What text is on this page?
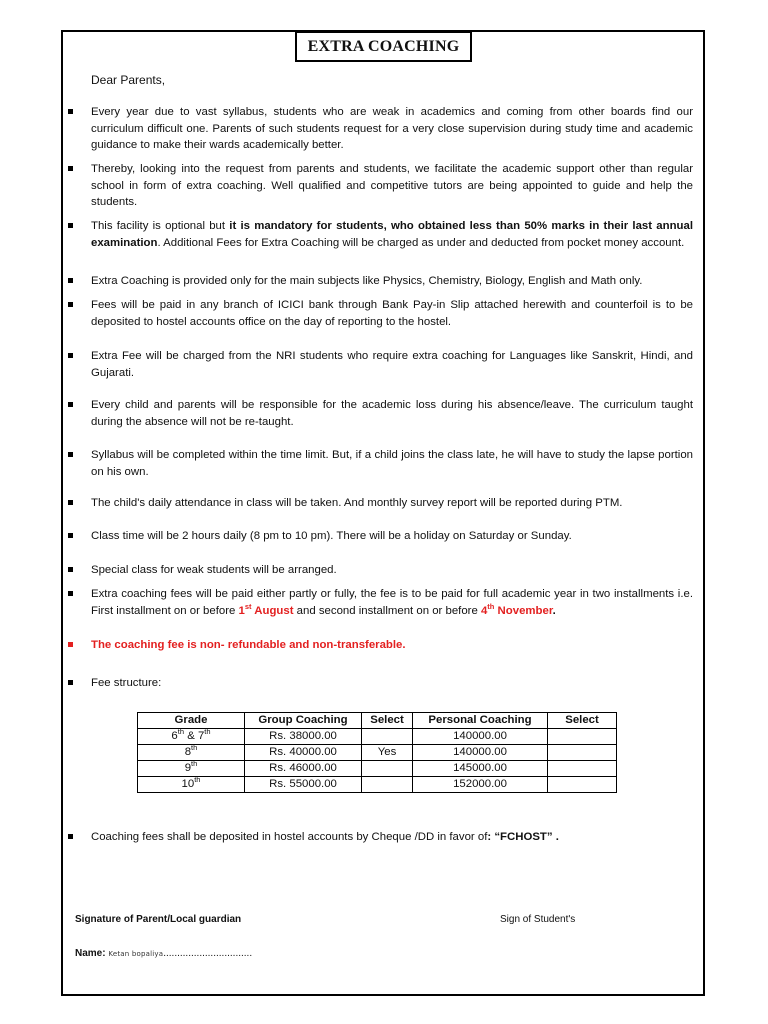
EXTRA COACHING
Dear Parents,
Every year due to vast syllabus, students who are weak in academics and coming from other boards find our curriculum difficult one. Parents of such students request for a very close supervision during study time and academic guidance to make their wards academically better.
Thereby, looking into the request from parents and students, we facilitate the academic support other than regular school in form of extra coaching. Well qualified and competitive tutors are being appointed to guide and help the students.
This facility is optional but it is mandatory for students, who obtained less than 50% marks in their last annual examination. Additional Fees for Extra Coaching will be charged as under and deducted from pocket money account.
Extra Coaching is provided only for the main subjects like Physics, Chemistry, Biology, English and Math only.
Fees will be paid in any branch of ICICI bank through Bank Pay-in Slip attached herewith and counterfoil is to be deposited to hostel accounts office on the day of reporting to the hostel.
Extra Fee will be charged from the NRI students who require extra coaching for Languages like Sanskrit, Hindi, and Gujarati.
Every child and parents will be responsible for the academic loss during his absence/leave. The curriculum taught during the absence will not be re-taught.
Syllabus will be completed within the time limit. But, if a child joins the class late, he will have to study the lapse portion on his own.
The child's daily attendance in class will be taken. And monthly survey report will be reported during PTM.
Class time will be 2 hours daily (8 pm to 10 pm). There will be a holiday on Saturday or Sunday.
Special class for weak students will be arranged.
Extra coaching fees will be paid either partly or fully, the fee is to be paid for full academic year in two installments i.e. First installment on or before 1st August and second installment on or before 4th November.
The coaching fee is non- refundable and non-transferable.
Fee structure:
Coaching fees shall be deposited in hostel accounts by Cheque /DD in favor of: “FCHOST” .
Grade	Group Coaching	Select	Personal Coaching	Select
6th & 7th	Rs. 38000.00		140000.00	
8th	Rs. 40000.00	Yes	140000.00	
9th	Rs. 46000.00		145000.00	
10th	Rs. 55000.00		152000.00	
Signature of Parent/Local guardian	Sign of Student's
Name: Ketan bopaliya................................
